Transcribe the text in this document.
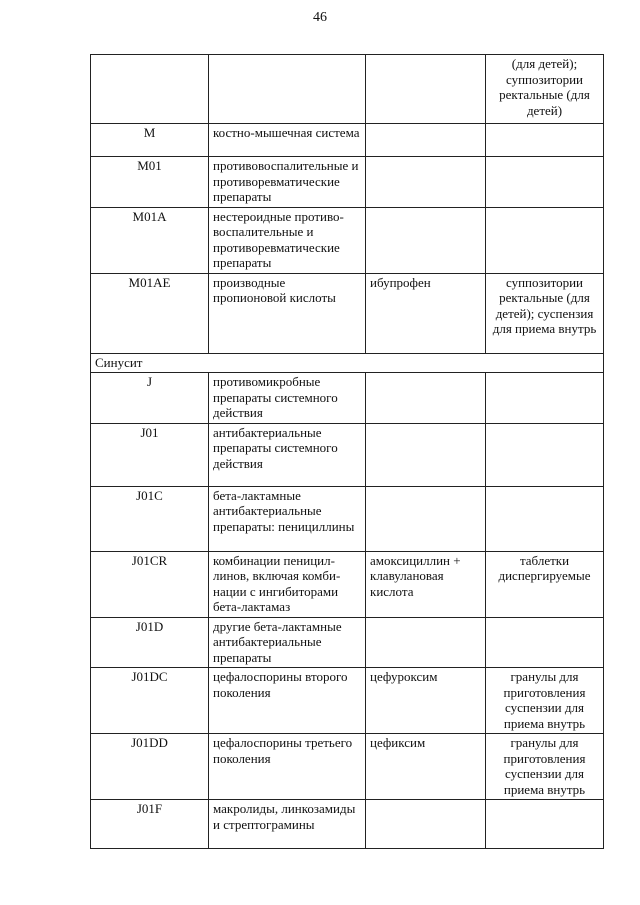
46
			(для детей); суппозитории ректальные (для детей)
M	костно-мышечная система		
M01	противовоспалительные и противоревматические препараты		
M01A	нестероидные противо-воспалительные и противоревматические препараты		
M01AE	производные пропионовой кислоты	ибупрофен	суппозитории ректальные (для детей); суспензия для приема внутрь
Синусит			
J	противомикробные препараты системного действия		
J01	антибактериальные препараты системного действия		
J01C	бета-лактамные антибактериальные препараты: пенициллины		
J01CR	комбинации пеницил-линов, включая комби-нации с ингибиторами бета-лактамаз	амоксициллин + клавулановая кислота	таблетки диспергируемые
J01D	другие бета-лактамные антибактериальные препараты		
J01DC	цефалоспорины второго поколения	цефуроксим	гранулы для приготовления суспензии для приема внутрь
J01DD	цефалоспорины третьего поколения	цефиксим	гранулы для приготовления суспензии для приема внутрь
J01F	макролиды, линкозамиды и стрептограмины		
